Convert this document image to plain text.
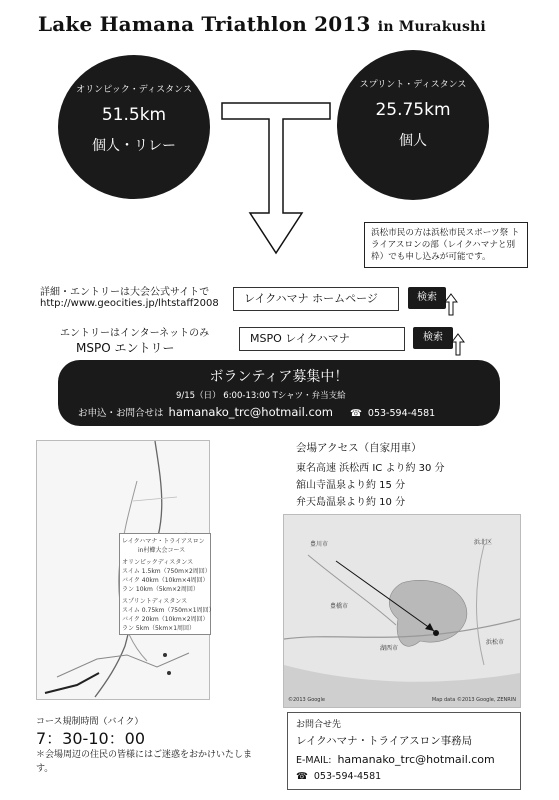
Lake Hamana Triathlon 2013 in Murakushi
オリンピック・ディスタンス
51.5km
個人・リレー
スプリント・ディスタンス
25.75km
個人
浜松市民の方は浜松市民スポーツ祭 トライアスロンの部（レイクハマナと別枠）でも申し込みが可能です。
詳細・エントリーは大会公式サイトで
http://www.geocities.jp/lhtstaff2008	レイクハマナ ホームページ	検索
エントリーはインターネットのみ
MSPO エントリー
MSPO レイクハマナ	検索
ボランティア募集中！
9/15（日） 6:00-13:00 Tシャツ・弁当支給
お申込・お問合せは hamanako_trc@hotmail.com ☎ 053-594-4581
レイクハマナ・トライアスロン
in村櫛大会コース
オリンピックディスタンス
スイム 1.5km（750m×2周回）
バイク 40km（10km×4周回）
ラン 10km（5km×2周回）
スプリントディスタンス
スイム 0.75km（750m×1周回）
バイク 20km（10km×2周回）
ラン 5km（5km×1周回）
会場アクセス（自家用車）
東名高速 浜松西 IC より約 30 分
舘山寺温泉より約 15 分
弁天島温泉より約 10 分
豊川市	浜北区
豊橋市
湖西市
浜松市
©2013 Google	Map data ©2013 Google, ZENRIN
コース規制時間（バイク）
7：30-10：00
＊会場周辺の住民の皆様にはご迷惑をおかけいたします。
お問合せ先
レイクハマナ・トライアスロン事務局
E-MAIL: hamanako_trc@hotmail.com
☎ 053-594-4581
